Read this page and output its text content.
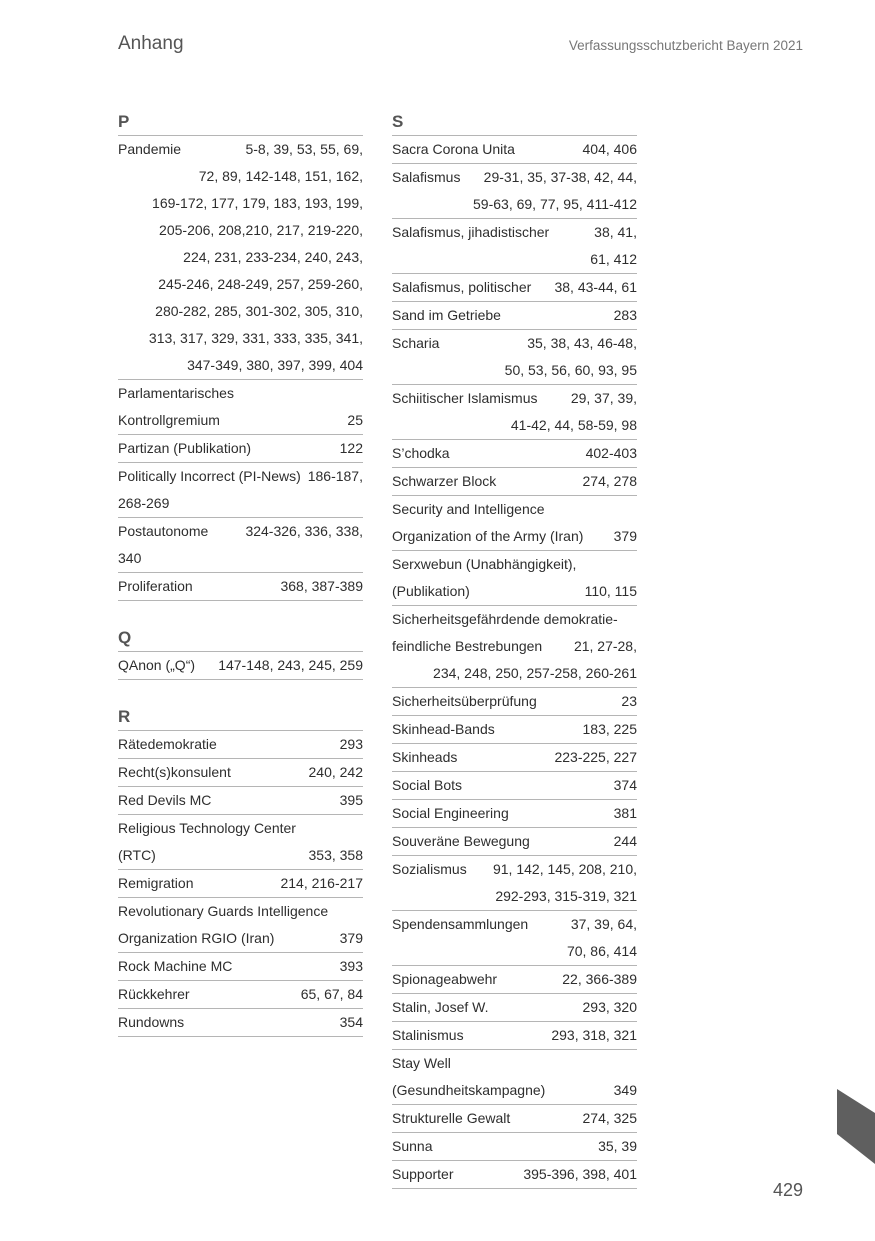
Anhang	Verfassungsschutzbericht Bayern 2021
P
Pandemie	5-8, 39, 53, 55, 69,
72, 89, 142-148, 151, 162,
169-172, 177, 179, 183, 193, 199,
205-206, 208,210, 217, 219-220,
224, 231, 233-234, 240, 243,
245-246, 248-249, 257, 259-260,
280-282, 285, 301-302, 305, 310,
313, 317, 329, 331, 333, 335, 341,
347-349, 380, 397, 399, 404
Parlamentarisches
Kontrollgremium	25
Partizan (Publikation)	122
Politically Incorrect (PI-News) 186-187,
268-269
Postautonome	324-326, 336, 338,
340
Proliferation	368, 387-389
Q
QAnon („Q“) 147-148, 243, 245, 259
R
Rätedemokratie	293
Recht(s)konsulent	240, 242
Red Devils MC	395
Religious Technology Center
(RTC)	353, 358
Remigration	214, 216-217
Revolutionary Guards Intelligence
Organization RGIO (Iran)	379
Rock Machine MC	393
Rückkehrer	65, 67, 84
Rundowns	354
S
Sacra Corona Unita	404, 406
Salafismus 29-31, 35, 37-38, 42, 44,
59-63, 69, 77, 95, 411-412
Salafismus, jihadistischer	38, 41,
61, 412
Salafismus, politischer 38, 43-44, 61
Sand im Getriebe	283
Scharia	35, 38, 43, 46-48,
50, 53, 56, 60, 93, 95
Schiitischer Islamismus 29, 37, 39,
41-42, 44, 58-59, 98
S’chodka	402-403
Schwarzer Block	274, 278
Security and Intelligence
Organization of the Army (Iran) 379
Serxwebun (Unabhängigkeit),
(Publikation)	110, 115
Sicherheitsgefährdende demokratie-
feindliche Bestrebungen 21, 27-28,
234, 248, 250, 257-258, 260-261
Sicherheitsüberprüfung	23
Skinhead-Bands	183, 225
Skinheads	223-225, 227
Social Bots	374
Social Engineering	381
Souveräne Bewegung	244
Sozialismus 91, 142, 145, 208, 210,
292-293, 315-319, 321
Spendensammlungen	37, 39, 64,
70, 86, 414
Spionageabwehr	22, 366-389
Stalin, Josef W.	293, 320
Stalinismus	293, 318, 321
Stay Well
(Gesundheitskampagne)	349
Strukturelle Gewalt	274, 325
Sunna	35, 39
Supporter	395-396, 398, 401
429
